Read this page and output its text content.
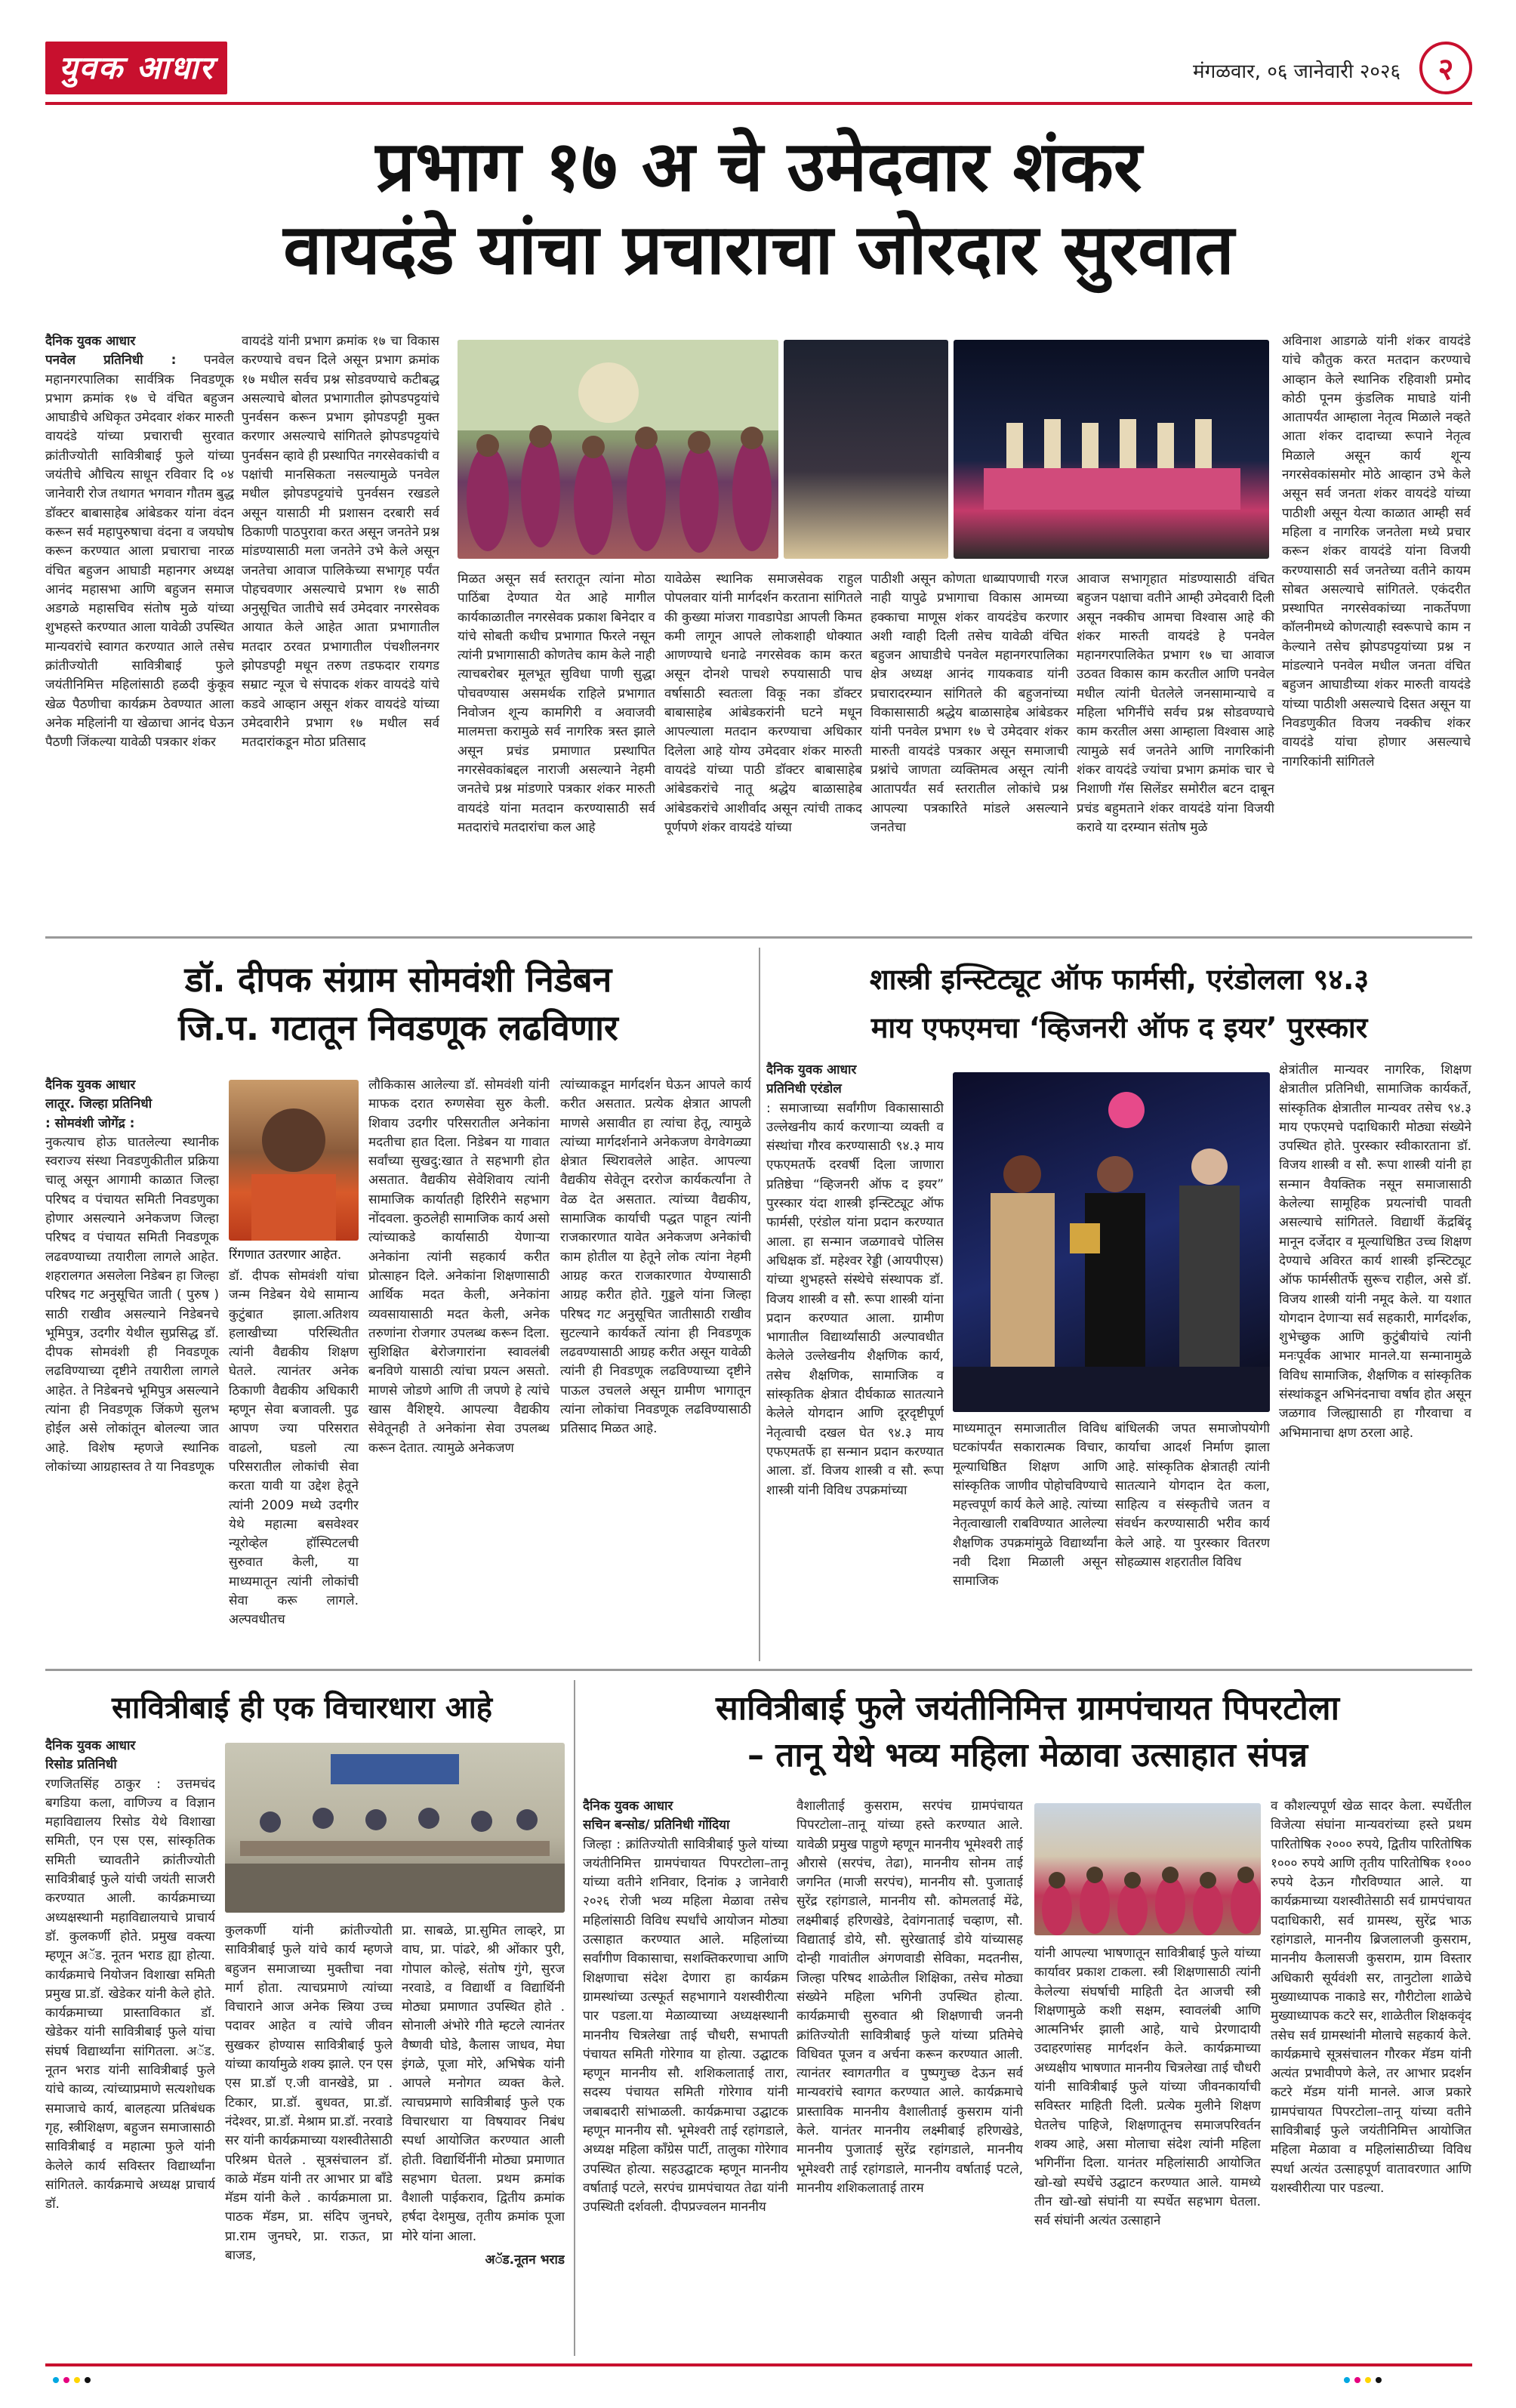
युवक आधार	मंगळवार, ०६ जानेवारी २०२६	२
प्रभाग १७ अ चे उमेदवार शंकर
वायदंडे यांचा प्रचाराचा जोरदार सुरवात
दैनिक युवक आधार
पनवेल प्रतिनिधी : पनवेल महानगरपालिका सार्वत्रिक निवडणूक प्रभाग क्रमांक १७ चे वंचित बहुजन आघाडीचे अधिकृत उमेदवार शंकर मारुती वायदंडे यांच्या प्रचाराची सुरवात क्रांतीज्योती सावित्रीबाई फुले यांच्या जयंतीचे औचित्य साधून रविवार दि ०४ जानेवारी रोज तथागत भगवान गौतम बुद्ध डॉक्टर बाबासाहेब आंबेडकर यांना वंदन करून सर्व महापुरुषाचा वंदना व जयघोष करून करण्यात आला प्रचाराचा नारळ वंचित बहुजन आघाडी महानगर अध्यक्ष आनंद महासभा आणि बहुजन समाज अडगळे महासचिव संतोष मुळे यांच्या शुभहस्ते करण्यात आला यावेळी उपस्थित मान्यवरांचे स्वागत करण्यात आले तसेच क्रांतीज्योती सावित्रीबाई फुले जयंतीनिमित्त महिलांसाठी हळदी कुंकूव खेळ पैठणीचा कार्यक्रम ठेवण्यात आला अनेक महिलांनी या खेळाचा आनंद घेऊन पैठणी जिंकल्या यावेळी पत्रकार शंकर
वायदंडे यांनी प्रभाग क्रमांक १७ चा विकास करण्याचे वचन दिले असून प्रभाग क्रमांक १७ मधील सर्वच प्रश्न सोडवण्याचे कटीबद्ध असल्याचे बोलत प्रभागातील झोपडपट्टयांचे पुनर्वसन करून प्रभाग झोपडपट्टी मुक्त करणार असल्याचे सांगितले झोपडपट्टयांचे पुनर्वसन व्हावे ही प्रस्थापित नगरसेवकांची व पक्षांची मानसिकता नसल्यामुळे पनवेल मधील झोपडपट्टयांचे पुनर्वसन रखडले असून यासाठी मी प्रशासन दरबारी सर्व ठिकाणी पाठपुरावा करत असून जनतेने प्रश्न मांडण्यासाठी मला जनतेने उभे केले असून जनतेचा आवाज पालिकेच्या सभागृह पर्यंत पोहचवणार असल्याचे प्रभाग १७ साठी अनुसूचित जातीचे सर्व उमेदवार नगरसेवक आयात केले आहेत आता प्रभागातील मतदार ठरवत प्रभागातील पंचशीलनगर झोपडपट्टी मधून तरुण तडफदार रायगड सम्राट न्यूज चे संपादक शंकर वायदंडे यांचे कडवे आव्हान असून शंकर वायदंडे यांच्या उमेदवारीने प्रभाग १७ मधील सर्व मतदारांकडून मोठा प्रतिसाद
मिळत असून सर्व स्तरातून त्यांना मोठा पाठिंबा देण्यात येत आहे मागील कार्यकाळातील नगरसेवक प्रकाश बिनेदार व यांचे सोबती कधीच प्रभागात फिरले नसून त्यांनी प्रभागासाठी कोणतेच काम केले नाही त्याचबरोबर मूलभूत सुविधा पाणी सुद्धा पोचवण्यास असमर्थक राहिले प्रभागात निवोजन शून्य कामगिरी व अवाजवी मालमत्ता करामुळे सर्व नागरिक त्रस्त झाले असून प्रचंड प्रमाणात प्रस्थापित नगरसेवकांबद्दल नाराजी असल्याने नेहमी जनतेचे प्रश्न मांडणारे पत्रकार शंकर मारुती वायदंडे यांना मतदान करण्यासाठी सर्व मतदारांचे मतदारांचा कल आहे
यावेळेस स्थानिक समाजसेवक राहुल पोपलवार यांनी मार्गदर्शन करताना सांगितले की कुख्या मांजरा गावडापेडा आपली किमत कमी लागून आपले लोकशाही धोक्यात आणण्याचे धनाढे नगरसेवक काम करत असून दोनशे पाचशे रुपयासाठी पाच वर्षासाठी स्वतःला विकू नका डॉक्टर बाबासाहेब आंबेडकरांनी घटने मधून आपल्याला मतदान करण्याचा अधिकार दिलेला आहे योग्य उमेदवार शंकर मारुती वायदंडे यांच्या पाठी डॉक्टर बाबासाहेब आंबेडकरांचे नातू श्रद्धेय बाळासाहेब आंबेडकरांचे आशीर्वाद असून त्यांची ताकद पूर्णपणे शंकर वायदंडे यांच्या
पाठीशी असून कोणता धाब्यापणाची गरज नाही यापुढे प्रभागाचा विकास आमच्या हक्काचा माणूस शंकर वायदंडेच करणार अशी ग्वाही दिली तसेच यावेळी वंचित बहुजन आघाडीचे पनवेल महानगरपालिका क्षेत्र अध्यक्ष आनंद गायकवाड यांनी प्रचारादरम्यान सांगितले की बहुजनांच्या विकासासाठी श्रद्धेय बाळासाहेब आंबेडकर यांनी पनवेल प्रभाग १७ चे उमेदवार शंकर मारुती वायदंडे पत्रकार असून समाजाची प्रश्नांचे जाणता व्यक्तिमत्व असून त्यांनी आतापर्यंत सर्व स्तरातील लोकांचे प्रश्न आपल्या पत्रकारिते मांडले असल्याने जनतेचा
आवाज सभागृहात मांडण्यासाठी वंचित बहुजन पक्षाचा वतीने आम्ही उमेदवारी दिली असून नक्कीच आमचा विश्वास आहे की शंकर मारुती वायदंडे हे पनवेल महानगरपालिकेत प्रभाग १७ चा आवाज उठवत विकास काम करतील आणि पनवेल मधील त्यांनी घेतलेले जनसामान्याचे व महिला भगिनींचे सर्वच प्रश्न सोडवण्याचे काम करतील असा आम्हाला विश्वास आहे त्यामुळे सर्व जनतेने आणि नागरिकांनी शंकर वायदंडे ज्यांचा प्रभाग क्रमांक चार चे निशाणी गॅस सिलेंडर समोरील बटन दाबून प्रचंड बहुमताने शंकर वायदंडे यांना विजयी करावे या दरम्यान संतोष मुळे
अविनाश आडगळे यांनी शंकर वायदंडे यांचे कौतुक करत मतदान करण्याचे आव्हान केले स्थानिक रहिवाशी प्रमोद कोठी पूनम कुंडलिक माघाडे यांनी आतापर्यंत आम्हाला नेतृत्व मिळाले नव्हते आता शंकर दादाच्या रूपाने नेतृत्व मिळाले असून कार्य शून्य नगरसेवकांसमोर मोठे आव्हान उभे केले असून सर्व जनता शंकर वायदंडे यांच्या पाठीशी असून येत्या काळात आम्ही सर्व महिला व नागरिक जनतेला मध्ये प्रचार करून शंकर वायदंडे यांना विजयी करण्यासाठी सर्व जनतेच्या वतीने कायम सोबत असल्याचे सांगितले. एकंदरीत प्रस्थापित नगरसेवकांच्या नाकर्तेपणा कॉलनीमध्ये कोणत्याही स्वरूपाचे काम न केल्याने तसेच झोपडपट्टयांच्या प्रश्न न मांडल्याने पनवेल मधील जनता वंचित बहुजन आघाडीच्या शंकर मारुती वायदंडे यांच्या पाठीशी असल्याचे दिसत असून या निवडणुकीत विजय नक्कीच शंकर वायदंडे यांचा होणार असल्याचे नागरिकांनी सांगितले
डॉ. दीपक संग्राम सोमवंशी निडेबन
जि.प. गटातून निवडणूक लढविणार
दैनिक युवक आधार
लातूर. जिल्हा प्रतिनिधी
: सोमवंशी जोगेंद्र :
नुकत्याच होऊ घातलेल्या स्थानीक स्वराज्य संस्था निवडणुकीतील प्रक्रिया चालू असून आगामी काळात जिल्हा परिषद व पंचायत समिती निवडणुका होणार असल्याने अनेकजण जिल्हा परिषद व पंचायत समिती निवडणूक लढवण्याच्या तयारीला लागले आहेत. शहरालगत असलेला निडेबन हा जिल्हा परिषद गट अनुसूचित जाती ( पुरुष ) साठी राखीव असल्याने निडेबनचे भूमिपुत्र, उदगीर येथील सुप्रसिद्ध डॉ. दीपक सोमवंशी ही निवडणूक लढविण्याच्या दृष्टीने तयारीला लागले आहेत. ते निडेबनचे भूमिपुत्र असल्याने त्यांना ही निवडणूक जिंकणे सुलभ होईल असे लोकांतून बोलल्या जात आहे. विशेष म्हणजे स्थानिक लोकांच्या आग्रहास्तव ते या निवडणूक
रिंगणात उतरणार आहेत.
डॉ. दीपक सोमवंशी यांचा जन्म निडेबन येथे सामान्य कुटुंबात झाला.अतिशय हलाखीच्या परिस्थितीत त्यांनी वैद्यकीय शिक्षण घेतले. त्यानंतर अनेक ठिकाणी वैद्यकीय अधिकारी म्हणून सेवा बजावली. पुढ आपण ज्या परिसरात वाढलो, घडलो त्या परिसरातील लोकांची सेवा करता यावी या उद्देश हेतूने त्यांनी 2009 मध्ये उदगीर येथे महात्मा बसवेश्वर न्यूरोव्हेल हॉस्पिटलची सुरुवात केली, या माध्यमातून त्यांनी लोकांची सेवा करू लागले. अल्पवधीतच
लौकिकास आलेल्या डॉ. सोमवंशी यांनी माफक दरात रुग्णसेवा सुरु केली. शिवाय उदगीर परिसरातील अनेकांना मदतीचा हात दिला. निडेबन या गावात सर्वांच्या सुखदु:खात ते सहभागी होत असतात. वैद्यकीय सेवेशिवाय त्यांनी सामाजिक कार्यातही हिरिरीने सहभाग नोंदवला. कुठलेही सामाजिक कार्य असो त्यांच्याकडे कार्यासाठी येणाऱ्या अनेकांना त्यांनी सहकार्य करीत प्रोत्साहन दिले. अनेकांना शिक्षणासाठी आर्थिक मदत केली, अनेकांना व्यवसायासाठी मदत केली, अनेक तरुणांना रोजगार उपलब्ध करून दिला. सुशिक्षित बेरोजगारांना स्वावलंबी बनविणे यासाठी त्यांचा प्रयत्न असतो. माणसे जोडणे आणि ती जपणे हे त्यांचे खास वैशिष्ट्ये. आपल्या वैद्यकीय सेवेतूनही ते अनेकांना सेवा उपलब्ध करून देतात. त्यामुळे अनेकजण
त्यांच्याकडून मार्गदर्शन घेऊन आपले कार्य करीत असतात. प्रत्येक क्षेत्रात आपली माणसे असावीत हा त्यांचा हेतू, त्यामुळे त्यांच्या मार्गदर्शनाने अनेकजण वेगवेगळ्या क्षेत्रात स्थिरावलेले आहेत. आपल्या वैद्यकीय सेवेतून दररोज कार्यकर्त्यांना ते वेळ देत असतात. त्यांच्या वैद्यकीय, सामाजिक कार्याची पद्धत पाहून त्यांनी राजकारणात यावेत अनेकजण अनेकांची काम होतील या हेतूने लोक त्यांना नेहमी आग्रह करत राजकारणात येण्यासाठी आग्रह करीत होते. गुड्डले यांना जिल्हा परिषद गट अनुसूचित जातीसाठी राखीव सुटल्याने कार्यकर्ते त्यांना ही निवडणूक लढवण्यासाठी आग्रह करीत असून यावेळी त्यांनी ही निवडणूक लढविण्याच्या दृष्टीने पाऊल उचलले असून ग्रामीण भागातून त्यांना लोकांचा निवडणूक लढविण्यासाठी प्रतिसाद मिळत आहे.
शास्त्री इन्स्टिट्यूट ऑफ फार्मसी, एरंडोलला ९४.३
माय एफएमचा ‘व्हिजनरी ऑफ द इयर’ पुरस्कार
दैनिक युवक आधार
प्रतिनिधी एरंडोल
: समाजाच्या सर्वांगीण विकासासाठी उल्लेखनीय कार्य करणाऱ्या व्यक्ती व संस्थांचा गौरव करण्यासाठी ९४.३ माय एफएमतर्फे दरवर्षी दिला जाणारा प्रतिष्ठेचा “व्हिजनरी ऑफ द इयर” पुरस्कार यंदा शास्त्री इन्स्टिट्यूट ऑफ फार्मसी, एरंडोल यांना प्रदान करण्यात आला. हा सन्मान जळगावचे पोलिस अधिक्षक डॉ. महेश्वर रेड्डी (आयपीएस) यांच्या शुभहस्ते संस्थेचे संस्थापक डॉ. विजय शास्त्री व सौ. रूपा शास्त्री यांना प्रदान करण्यात आला. ग्रामीण भागातील विद्यार्थ्यांसाठी अल्पावधीत केलेले उल्लेखनीय शैक्षणिक कार्य, तसेच शैक्षणिक, सामाजिक व सांस्कृतिक क्षेत्रात दीर्घकाळ सातत्याने केलेले योगदान आणि दूरदृष्टीपूर्ण नेतृत्वाची दखल घेत ९४.३ माय एफएमतर्फे हा सन्मान प्रदान करण्यात आला. डॉ. विजय शास्त्री व सौ. रूपा शास्त्री यांनी विविध उपक्रमांच्या
माध्यमातून समाजातील विविध घटकांपर्यंत सकारात्मक विचार, मूल्याधिष्ठित शिक्षण आणि सांस्कृतिक जाणीव पोहोचविण्याचे महत्त्वपूर्ण कार्य केले आहे. त्यांच्या नेतृत्वाखाली राबविण्यात आलेल्या शैक्षणिक उपक्रमांमुळे विद्यार्थ्यांना नवी दिशा मिळाली असून सामाजिक
बांधिलकी जपत समाजोपयोगी कार्याचा आदर्श निर्माण झाला आहे. सांस्कृतिक क्षेत्रातही त्यांनी सातत्याने योगदान देत कला, साहित्य व संस्कृतीचे जतन व संवर्धन करण्यासाठी भरीव कार्य केले आहे. या पुरस्कार वितरण सोहळ्यास शहरातील विविध
क्षेत्रांतील मान्यवर नागरिक, शिक्षण क्षेत्रातील प्रतिनिधी, सामाजिक कार्यकर्ते, सांस्कृतिक क्षेत्रातील मान्यवर तसेच ९४.३ माय एफएमचे पदाधिकारी मोठ्या संख्येने उपस्थित होते. पुरस्कार स्वीकारताना डॉ. विजय शास्त्री व सौ. रूपा शास्त्री यांनी हा सन्मान वैयक्तिक नसून समाजासाठी केलेल्या सामूहिक प्रयत्नांची पावती असल्याचे सांगितले. विद्यार्थी केंद्रबिंदू मानून दर्जेदार व मूल्याधिष्ठित उच्च शिक्षण देण्याचे अविरत कार्य शास्त्री इन्स्टिट्यूट ऑफ फार्मसीतर्फे सुरूच राहील, असे डॉ. विजय शास्त्री यांनी नमूद केले. या यशात योगदान देणाऱ्या सर्व सहकारी, मार्गदर्शक, शुभेच्छुक आणि कुटुंबीयांचे त्यांनी मनःपूर्वक आभार मानले.या सन्मानामुळे विविध सामाजिक, शैक्षणिक व सांस्कृतिक संस्थांकडून अभिनंदनाचा वर्षाव होत असून जळगाव जिल्ह्यासाठी हा गौरवाचा व अभिमानाचा क्षण ठरला आहे.
सावित्रीबाई ही एक विचारधारा आहे
दैनिक युवक आधार
रिसोड प्रतिनिधी
रणजितसिंह ठाकुर : उत्तमचंद बगडिया कला, वाणिज्य व विज्ञान महाविद्यालय रिसोड येथे विशाखा समिती, एन एस एस, सांस्कृतिक समिती च्यावतीने क्रांतीज्योती सावित्रीबाई फुले यांची जयंती साजरी करण्यात आली. कार्यक्रमाच्या अध्यक्षस्थानी महाविद्यालयाचे प्राचार्य डॉ. कुलकर्णी होते. प्रमुख वक्त्या म्हणून अॅड. नूतन भराड ह्या होत्या. कार्यक्रमाचे नियोजन विशाखा समिती प्रमुख प्रा.डॉ. खेडेकर यांनी केले होते. कार्यक्रमाच्या प्रास्ताविकात डॉ. खेडेकर यांनी सावित्रीबाई फुले यांचा संघर्ष विद्यार्थ्यांना सांगितला. अॅड. नूतन भराड यांनी सावित्रीबाई फुले यांचे काव्य, त्यांच्याप्रमाणे सत्यशोधक समाजाचे कार्य, बालहत्या प्रतिबंधक गृह, स्त्रीशिक्षण, बहुजन समाजासाठी सावित्रीबाई व महात्मा फुले यांनी केलेले कार्य सविस्तर विद्यार्थ्यांना सांगितले. कार्यक्रमाचे अध्यक्ष प्राचार्य डॉ.
कुलकर्णी यांनी क्रांतीज्योती सावित्रीबाई फुले यांचे कार्य म्हणजे बहुजन समाजाच्या मुक्तीचा नवा मार्ग होता. त्याचप्रमाणे त्यांच्या विचाराने आज अनेक स्त्रिया उच्च पदावर आहेत व त्यांचे जीवन सुखकर होण्यास सावित्रीबाई फुले यांच्या कार्यामुळे शक्य झाले. एन एस एस प्रा.डॉ ए.जी वानखेडे, प्रा . टिकार, प्रा.डॉ. बुधवत, प्रा.डॉ. नंदेश्वर, प्रा.डॉ. मेश्राम प्रा.डॉ. नरवाडे सर यांनी कार्यक्रमाच्या यशस्वीतेसाठी परिश्रम घेतले . सूत्रसंचालन डॉ. काळे मॅडम यांनी तर आभार प्रा बाँडे मॅडम यांनी केले . कार्यक्रमाला प्रा. पाठक मॅडम, प्रा. संदिप जुनघरे, प्रा.राम जुनघरे, प्रा. राऊत, प्रा बाजड,
प्रा. साबळे, प्रा.सुमित लाव्हरे, प्रा वाघ, प्रा. पांढरे, श्री ओंकार पुरी, गोपाल कोल्हे, संतोष गुंगे, सुरज नरवाडे, व विद्यार्थी व विद्यार्थिनी मोठ्या प्रमाणात उपस्थित होते . सोनाली अंभोरे गीते म्हटले त्यानंतर वैष्णवी घोडे, कैलास जाधव, मेघा इंगळे, पूजा मोरे, अभिषेक यांनी आपले मनोगत व्यक्त केले. त्याचप्रमाणे सावित्रीबाई फुले एक विचारधारा या विषयावर निबंध स्पर्धा आयोजित करण्यात आली होती. विद्यार्थिनींनी मोठ्या प्रमाणात सहभाग घेतला. प्रथम क्रमांक वैशाली पाईकराव, द्वितीय क्रमांक हर्षदा देशमुख, तृतीय क्रमांक पूजा मोरे यांना आला.
अॅड.नूतन भराड
सावित्रीबाई फुले जयंतीनिमित्त ग्रामपंचायत पिपरटोला
– तानू येथे भव्य महिला मेळावा उत्साहात संपन्न
दैनिक युवक आधार
सचिन बन्सोड/ प्रतिनिधी गोंदिया
जिल्हा : क्रांतिज्योती सावित्रीबाई फुले यांच्या जयंतीनिमित्त ग्रामपंचायत पिपरटोला–तानू यांच्या वतीने शनिवार, दिनांक ३ जानेवारी २०२६ रोजी भव्य महिला मेळावा तसेच महिलांसाठी विविध स्पर्धांचे आयोजन मोठ्या उत्साहात करण्यात आले. महिलांच्या सर्वांगीण विकासाचा, सशक्तिकरणाचा आणि शिक्षणाचा संदेश देणारा हा कार्यक्रम ग्रामस्थांच्या उत्स्फूर्त सहभागाने यशस्वीरीत्या पार पडला.या मेळाव्याच्या अध्यक्षस्थानी माननीय चित्रलेखा ताई चौधरी, सभापती पंचायत समिती गोरेगाव या होत्या. उद्घाटक म्हणून माननीय सौ. शशिकलाताई तारा, सदस्य पंचायत समिती गोरेगाव यांनी जबाबदारी सांभाळली. कार्यक्रमाचा उद्घाटक म्हणून माननीय सौ. भूमेश्वरी ताई रहांगडाले, अध्यक्ष महिला काँग्रेस पार्टी, तालुका गोरेगाव उपस्थित होत्या. सहउद्घाटक म्हणून माननीय वर्षाताई पटले, सरपंच ग्रामपंचायत तेढा यांनी उपस्थिती दर्शवली. दीपप्रज्वलन माननीय
वैशालीताई कुसराम, सरपंच ग्रामपंचायत पिपरटोला–तानू यांच्या हस्ते करण्यात आले. यावेळी प्रमुख पाहुणे म्हणून माननीय भूमेश्वरी ताई औरासे (सरपंच, तेढा), माननीय सोनम ताई जगनित (माजी सरपंच), माननीय सौ. पुजाताई सुरेंद्र रहांगडाले, माननीय सौ. कोमलताई मेंढे, लक्ष्मीबाई हरिणखेडे, देवांगनाताई चव्हाण, सौ. विद्याताई डोये, सौ. सुरेखाताई डोये यांच्यासह दोन्ही गावांतील अंगणवाडी सेविका, मदतनीस, जिल्हा परिषद शाळेतील शिक्षिका, तसेच मोठ्या संख्येने महिला भगिनी उपस्थित होत्या. कार्यक्रमाची सुरुवात श्री शिक्षणाची जननी क्रांतिज्योती सावित्रीबाई फुले यांच्या प्रतिमेचे विधिवत पूजन व अर्चना करून करण्यात आली. त्यानंतर स्वागतगीत व पुष्पगुच्छ देऊन सर्व मान्यवरांचे स्वागत करण्यात आले. कार्यक्रमाचे प्रास्ताविक माननीय वैशालीताई कुसराम यांनी केले. यानंतर माननीय लक्ष्मीबाई हरिणखेडे, माननीय पुजाताई सुरेंद्र रहांगडाले, माननीय भूमेश्वरी ताई रहांगडाले, माननीय वर्षाताई पटले, माननीय शशिकलाताई तारम
यांनी आपल्या भाषणातून सावित्रीबाई फुले यांच्या कार्यावर प्रकाश टाकला. स्त्री शिक्षणासाठी त्यांनी केलेल्या संघर्षाची माहिती देत आजची स्त्री शिक्षणामुळे कशी सक्षम, स्वावलंबी आणि आत्मनिर्भर झाली आहे, याचे प्रेरणादायी उदाहरणांसह मार्गदर्शन केले. कार्यक्रमाच्या अध्यक्षीय भाषणात माननीय चित्रलेखा ताई चौधरी यांनी सावित्रीबाई फुले यांच्या जीवनकार्याची सविस्तर माहिती दिली. प्रत्येक मुलीने शिक्षण घेतलेच पाहिजे, शिक्षणातूनच समाजपरिवर्तन शक्य आहे, असा मोलाचा संदेश त्यांनी महिला भगिनींना दिला. यानंतर महिलांसाठी आयोजित खो-खो स्पर्धेचे उद्घाटन करण्यात आले. यामध्ये तीन खो-खो संघांनी या स्पर्धेत सहभाग घेतला. सर्व संघांनी अत्यंत उत्साहाने
व कौशल्यपूर्ण खेळ सादर केला. स्पर्धेतील विजेत्या संघांना मान्यवरांच्या हस्ते प्रथम पारितोषिक २००० रुपये, द्वितीय पारितोषिक १००० रुपये आणि तृतीय पारितोषिक १००० रुपये देऊन गौरविण्यात आले. या कार्यक्रमाच्या यशस्वीतेसाठी सर्व ग्रामपंचायत पदाधिकारी, सर्व ग्रामस्थ, सुरेंद्र भाऊ रहांगडाले, माननीय ब्रिजलालजी कुसराम, माननीय कैलासजी कुसराम, ग्राम विस्तार अधिकारी सूर्यवंशी सर, तानुटोला शाळेचे मुख्याध्यापक नाकाडे सर, गौरीटोला शाळेचे मुख्याध्यापक कटरे सर, शाळेतील शिक्षकवृंद तसेच सर्व ग्रामस्थांनी मोलाचे सहकार्य केले. कार्यक्रमाचे सूत्रसंचालन गौरकर मॅडम यांनी अत्यंत प्रभावीपणे केले, तर आभार प्रदर्शन कटरे मॅडम यांनी मानले. आज प्रकारे ग्रामपंचायत पिपरटोला–तानू यांच्या वतीने सावित्रीबाई फुले जयंतीनिमित्त आयोजित महिला मेळावा व महिलांसाठीच्या विविध स्पर्धा अत्यंत उत्साहपूर्ण वातावरणात आणि यशस्वीरीत्या पार पडल्या.
